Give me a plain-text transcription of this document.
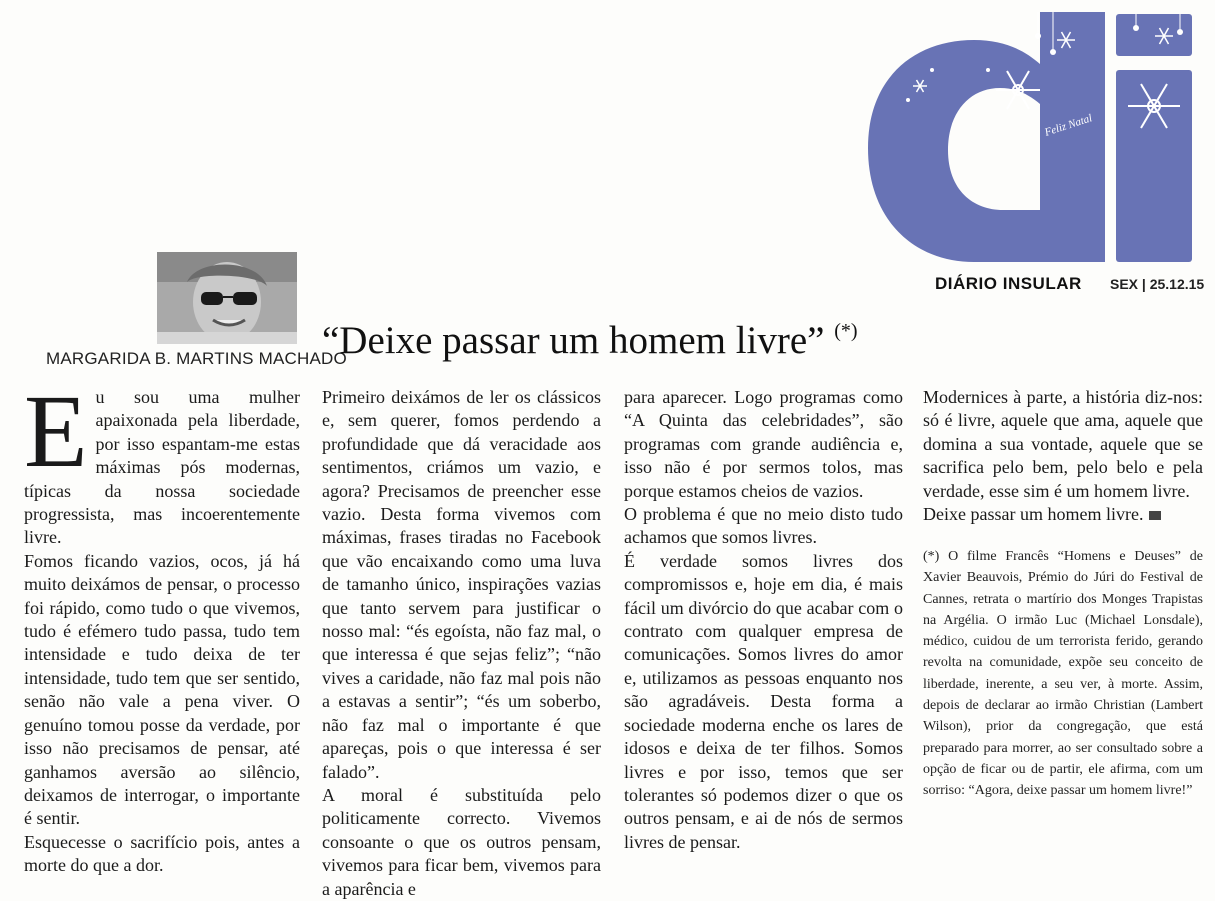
Feliz Natal
DIÁRIO INSULAR SEX | 25.12.15
MARGARIDA B. MARTINS MACHADO
“Deixe passar um homem livre” (*)

Eu sou uma mulher apaixonada pela liberdade, por isso espantam-me estas máximas pós modernas, típicas da nossa sociedade progressista, mas incoerentemente livre.

Fomos ficando vazios, ocos, já há muito deixámos de pensar, o processo foi rápido, como tudo o que vivemos, tudo é efémero tudo passa, tudo tem intensidade e tudo deixa de ter intensidade, tudo tem que ser sentido, senão não vale a pena viver. O genuíno tomou posse da verdade, por isso não precisamos de pensar, até ganhamos aversão ao silêncio, deixamos de interrogar, o importante é sentir.

Esquecesse o sacrifício pois, antes a morte do que a dor.

Primeiro deixámos de ler os clássicos e, sem querer, fomos perdendo a profundidade que dá veracidade aos sentimentos, criámos um vazio, e agora? Precisamos de preencher esse vazio. Desta forma vivemos com máximas, frases tiradas no Facebook que vão encaixando como uma luva de tamanho único, inspirações vazias que tanto servem para justificar o nosso mal: “és egoísta, não faz mal, o que interessa é que sejas feliz”; “não vives a caridade, não faz mal pois não a estavas a sentir”; “és um soberbo, não faz mal o importante é que apareças, pois o que interessa é ser falado”.

A moral é substituída pelo politicamente correcto. Vivemos consoante o que os outros pensam, vivemos para ficar bem, vivemos para a aparência e

para aparecer. Logo programas como “A Quinta das celebridades”, são programas com grande audiência e, isso não é por sermos tolos, mas porque estamos cheios de vazios.

O problema é que no meio disto tudo achamos que somos livres.

É verdade somos livres dos compromissos e, hoje em dia, é mais fácil um divórcio do que acabar com o contrato com qualquer empresa de comunicações. Somos livres do amor e, utilizamos as pessoas enquanto nos são agradáveis. Desta forma a sociedade moderna enche os lares de idosos e deixa de ter filhos. Somos livres e por isso, temos que ser tolerantes só podemos dizer o que os outros pensam, e ai de nós de sermos livres de pensar.

Modernices à parte, a história diz-nos: só é livre, aquele que ama, aquele que domina a sua vontade, aquele que se sacrifica pelo bem, pelo belo e pela verdade, esse sim é um homem livre.

Deixe passar um homem livre.

(*) O filme Francês “Homens e Deuses” de Xavier Beauvois, Prémio do Júri do Festival de Cannes, retrata o martírio dos Monges Trapistas na Argélia. O irmão Luc (Michael Lonsdale), médico, cuidou de um terrorista ferido, gerando revolta na comunidade, expõe seu conceito de liberdade, inerente, a seu ver, à morte. Assim, depois de declarar ao irmão Christian (Lambert Wilson), prior da congregação, que está preparado para morrer, ao ser consultado sobre a opção de ficar ou de partir, ele afirma, com um sorriso: “Agora, deixe passar um homem livre!”
